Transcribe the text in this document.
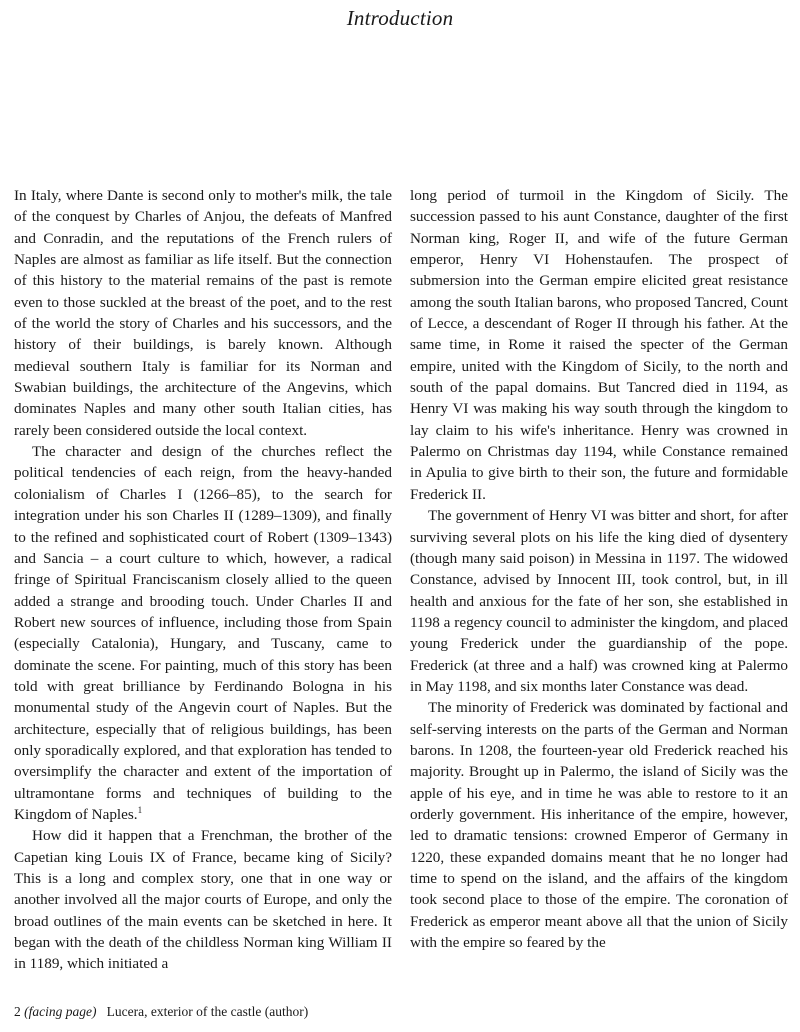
Introduction

In Italy, where Dante is second only to mother's milk, the tale of the conquest by Charles of Anjou, the defeats of Manfred and Conradin, and the reputations of the French rulers of Naples are almost as familiar as life itself. But the connection of this history to the material remains of the past is remote even to those suckled at the breast of the poet, and to the rest of the world the story of Charles and his successors, and the history of their buildings, is barely known. Although medieval southern Italy is familiar for its Norman and Swabian buildings, the architecture of the Angevins, which dominates Naples and many other south Italian cities, has rarely been considered outside the local context.

The character and design of the churches reflect the political tendencies of each reign, from the heavy-handed colonialism of Charles I (1266–85), to the search for integration under his son Charles II (1289–1309), and finally to the refined and sophisticated court of Robert (1309–1343) and Sancia – a court culture to which, however, a radical fringe of Spiritual Franciscanism closely allied to the queen added a strange and brooding touch. Under Charles II and Robert new sources of influence, including those from Spain (especially Catalonia), Hungary, and Tuscany, came to dominate the scene. For painting, much of this story has been told with great brilliance by Ferdinando Bologna in his monumental study of the Angevin court of Naples. But the architecture, especially that of religious buildings, has been only sporadically explored, and that exploration has tended to oversimplify the character and extent of the importation of ultramontane forms and techniques of building to the Kingdom of Naples.$^1$

How did it happen that a Frenchman, the brother of the Capetian king Louis IX of France, became king of Sicily? This is a long and complex story, one that in one way or another involved all the major courts of Europe, and only the broad outlines of the main events can be sketched in here. It began with the death of the childless Norman king William II in 1189, which initiated a

long period of turmoil in the Kingdom of Sicily. The succession passed to his aunt Constance, daughter of the first Norman king, Roger II, and wife of the future German emperor, Henry VI Hohenstaufen. The prospect of submersion into the German empire elicited great resistance among the south Italian barons, who proposed Tancred, Count of Lecce, a descendant of Roger II through his father. At the same time, in Rome it raised the specter of the German empire, united with the Kingdom of Sicily, to the north and south of the papal domains. But Tancred died in 1194, as Henry VI was making his way south through the kingdom to lay claim to his wife's inheritance. Henry was crowned in Palermo on Christmas day 1194, while Constance remained in Apulia to give birth to their son, the future and formidable Frederick II.

The government of Henry VI was bitter and short, for after surviving several plots on his life the king died of dysentery (though many said poison) in Messina in 1197. The widowed Constance, advised by Innocent III, took control, but, in ill health and anxious for the fate of her son, she established in 1198 a regency council to administer the kingdom, and placed young Frederick under the guardianship of the pope. Frederick (at three and a half) was crowned king at Palermo in May 1198, and six months later Constance was dead.

The minority of Frederick was dominated by factional and self-serving interests on the parts of the German and Norman barons. In 1208, the fourteen-year old Frederick reached his majority. Brought up in Palermo, the island of Sicily was the apple of his eye, and in time he was able to restore to it an orderly government. His inheritance of the empire, however, led to dramatic tensions: crowned Emperor of Germany in 1220, these expanded domains meant that he no longer had time to spend on the island, and the affairs of the kingdom took second place to those of the empire. The coronation of Frederick as emperor meant above all that the union of Sicily with the empire so feared by the

2 (facing page) Lucera, exterior of the castle (author)
